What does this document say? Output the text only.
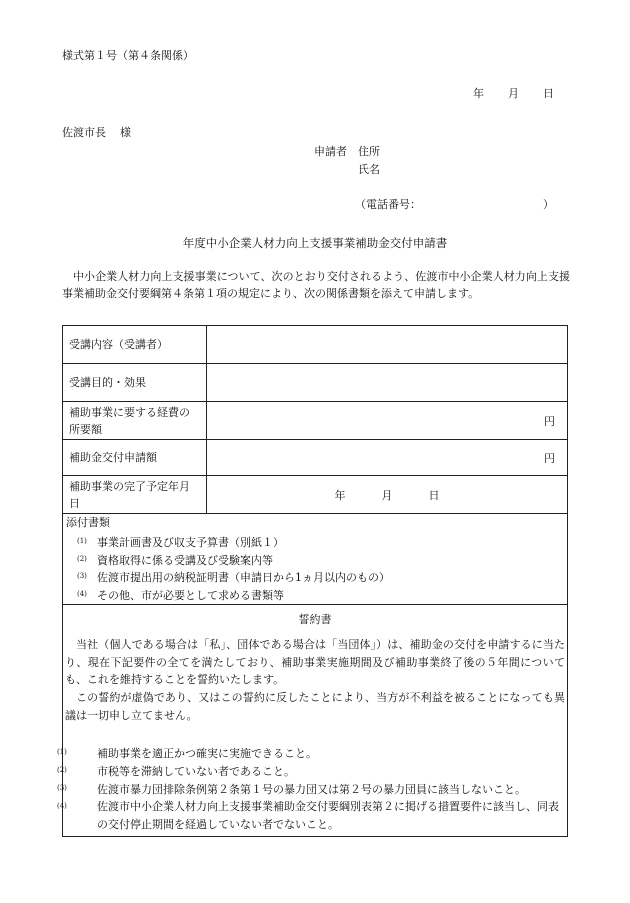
様式第１号（第４条関係）
年 月 日
佐渡市長 様
申請者 住所
氏名
（電話番号：	）
年度中小企業人材力向上支援事業補助金交付申請書
中小企業人材力向上支援事業について、次のとおり交付されるよう、佐渡市中小企業人材力向上支援事業補助金交付要綱第４条第１項の規定により、次の関係書類を添えて申請します。
受講内容（受講者）	
受講目的・効果	
補助事業に要する経費の所要額	円

補助金交付申請額	円

補助事業の完了予定年月日	年 月 日
添付書類
(1) 事業計画書及び収支予算書（別紙１）
(2) 資格取得に係る受講及び受験案内等
(3) 佐渡市提出用の納税証明書（申請日から1ヵ月以内のもの）
(4) その他、市が必要として求める書類等
誓約書
当社（個人である場合は「私」、団体である場合は「当団体」）は、補助金の交付を申請するに当たり、現在下記要件の全てを満たしており、補助事業実施期間及び補助事業終了後の５年間についても、これを維持することを誓約いたします。
この誓約が虚偽であり、又はこの誓約に反したことにより、当方が不利益を被ることになっても異議は一切申し立てません。
(1)	補助事業を適正かつ確実に実施できること。
(2)	市税等を滞納していない者であること。
(3)	佐渡市暴力団排除条例第２条第１号の暴力団又は第２号の暴力団員に該当しないこと。
(4)	佐渡市中小企業人材力向上支援事業補助金交付要綱別表第２に掲げる措置要件に該当し、同表の交付停止期間を経過していない者でないこと。
